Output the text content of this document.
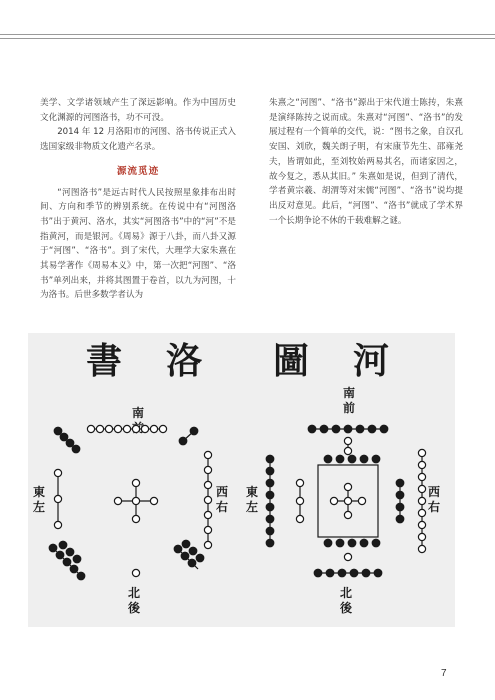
美学、文学诸领域产生了深远影响。作为中国历史文化渊源的河图洛书，功不可没。

2014 年 12 月洛阳市的河图、洛书传说正式入选国家级非物质文化遗产名录。

源流觅迹

“河图洛书”是远古时代人民按照星象排布出时间、方向和季节的辨别系统。在传说中有“河图洛书”出于黄河、洛水，其实“河图洛书”中的“河”不是指黄河，而是银河。《周易》源于八卦，而八卦又源于“河图”、“洛书”。到了宋代，大理学大家朱熹在其易学著作《周易本义》中，第一次把“河图”、“洛书”单列出来，并将其图置于卷首，以九为河图，十为洛书。后世多数学者认为

朱熹之“河图”、“洛书”源出于宋代道士陈抟，朱熹是演绎陈抟之说而成。朱熹对“河图”、“洛书”的发展过程有一个简单的交代，说：“图书之象，自汉孔安国、刘欣，魏关朗子明，有宋康节先生、邵雍尧夫，皆谓如此，至刘牧始两易其名，而诸家因之，故今复之，悉从其旧。” 朱熹如是说，但到了清代，学者黄宗羲、胡渭等对宋儒“河图”、“洛书”说均提出反对意见。此后，“河图”、“洛书”就成了学术界一个长期争论不休的千载难解之谜。

書 洛 圖 河
南
東
左
西
右
北
後
南
前
東
左
西
右
北
後
7
